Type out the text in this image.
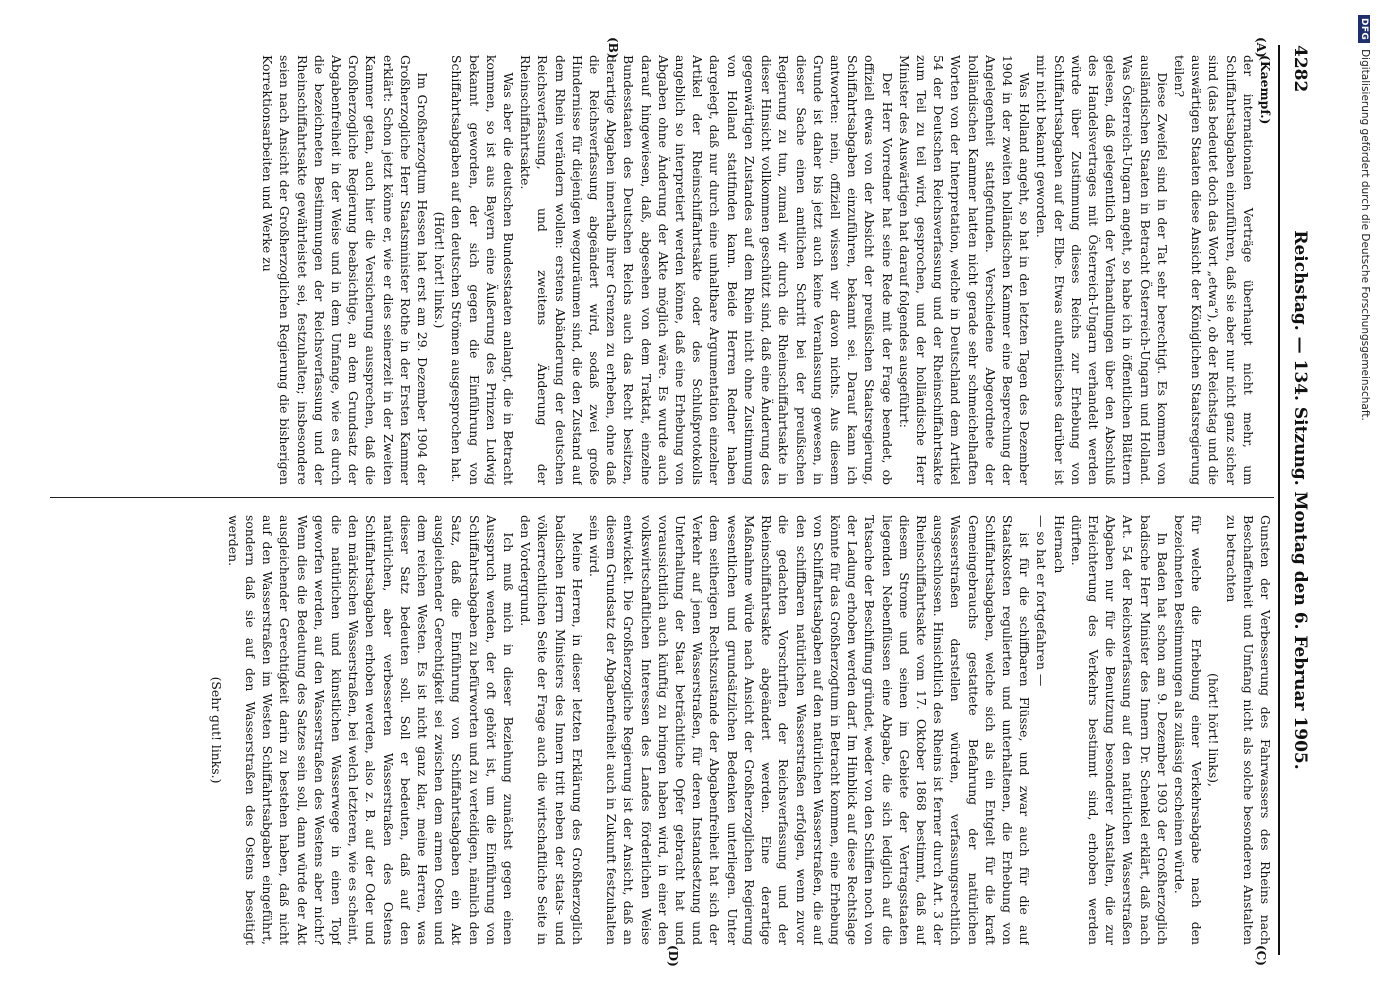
4282
Reichstag. — 134. Sitzung. Montag den 6. Februar 1905.
(A)
(B)
(C)
(D)

(Kaempf.)

der internationalen Verträge überhaupt nicht mehr, um Schiffahrtsabgaben einzuführen, daß sie aber nur nicht ganz sicher sind (das bedeutet doch das Wort „etwa“), ob der Reichstag und die auswärtigen Staaten diese Ansicht der Königlichen Staatsregierung teilen?

Diese Zweifel sind in der Tat sehr berechtigt. Es kommen von ausländischen Staaten in Betracht Österreich-Ungarn und Holland. Was Österreich-Ungarn angeht, so habe ich in öffentlichen Blättern gelesen, daß gelegentlich der Verhandlungen über den Abschluß des Handelsvertrages mit Österreich-Ungarn verhandelt werden würde über Zustimmung dieses Reichs zur Erhebung von Schiffahrtsabgaben auf der Elbe. Etwas authentisches darüber ist mir nicht bekannt geworden.

Was Holland angeht, so hat in den letzten Tagen des Dezember 1904 in der zweiten holländischen Kammer eine Besprechung der Angelegenheit stattgefunden. Verschiedene Abgeordnete der holländischen Kammer hatten nicht gerade sehr schmeichelhaften Worten von der Interpretation, welche in Deutschland dem Artikel 54 der Deutschen Reichsverfassung und der Rheinschiffahrtsakte zum Teil zu teil wird, gesprochen, und der holländische Herr Minister des Auswärtigen hat darauf folgendes ausgeführt:

Der Herr Vorredner hat seine Rede mit der Frage beendet, ob offiziell etwas von der Absicht der preußischen Staatsregierung, Schiffahrtsabgaben einzuführen, bekannt sei. Darauf kann ich antworten: nein, offiziell wissen wir davon nichts. Aus diesem Grunde ist daher bis jetzt auch keine Veranlassung gewesen, in dieser Sache einen amtlichen Schritt bei der preußischen Regierung zu tun, zumal wir durch die Rheinschiffahrtsakte in dieser Hinsicht vollkommen geschützt sind, daß eine Änderung des gegenwärtigen Zustandes auf dem Rhein nicht ohne Zustimmung von Holland stattfinden kann. Beide Herren Redner haben dargelegt, daß nur durch eine unhaltbare Argumentation einzelner Artikel der Rheinschiffahrtsakte oder des Schlußprotokolls angeblich so interpretiert werden könne, daß eine Erhebung von Abgaben ohne Änderung der Akte möglich wäre. Es wurde auch darauf hingewiesen, daß, abgesehen von dem Traktat, einzelne Bundesstaaten des Deutschen Reichs auch das Recht besitzen, derartige Abgaben innerhalb ihrer Grenzen zu erheben, ohne daß die Reichsverfassung abgeändert wird, sodaß zwei große Hindernisse für diejenigen wegzuräumen sind, die den Zustand auf dem Rhein verändern wollen: erstens Abänderung der deutschen Reichsverfassung, und zweitens Änderung der Rheinschiffahrtsakte.

Was aber die deutschen Bundesstaaten anlangt, die in Betracht kommen, so ist aus Bayern eine Äußerung des Prinzen Ludwig bekannt geworden, der sich gegen die Einführung von Schiffahrtsabgaben auf den deutschen Strömen ausgesprochen hat.

(Hört! hört! links.)

Im Großherzogtum Hessen hat erst am 29. Dezember 1904 der Großherzogliche Herr Staatsminister Rothe in der Ersten Kammer erklärt: Schon jetzt könne er, wie er dies seinerzeit in der Zweiten Kammer getan, auch hier die Versicherung aussprechen, daß die Großherzogliche Regierung beabsichtige, an dem Grundsatz der Abgabenfreiheit in der Weise und in dem Umfange, wie es durch die bezeichneten Bestimmungen der Reichsverfassung und der Rheinschiffahrtsakte gewährleistet sei, festzuhalten; insbesondere seien nach Ansicht der Großherzoglichen Regierung die bisherigen Korrektionsarbeiten und Werke zu

Gunsten der Verbesserung des Fahrwassers des Rheins nach Beschaffenheit und Umfang nicht als solche besonderen Anstalten zu betrachten

(hört! hört! links),

für welche die Erhebung einer Verkehrsabgabe nach den bezeichneten Bestimmungen als zulässig erscheinen würde.

In Baden hat schon am 9. Dezember 1903 der Großherzoglich badische Herr Minister des Innern Dr. Schenkel erklärt, daß nach Art. 54 der Reichsverfassung auf den natürlichen Wasserstraßen Abgaben nur für die Benutzung besonderer Anstalten, die zur Erleichterung des Verkehrs bestimmt sind, erhoben werden dürften.

Hiernach

— so hat er fortgefahren —

ist für die schiffbaren Flüsse, und zwar auch für die auf Staatskosten regulierten und unterhaltenen, die Erhebung von Schiffahrtsabgaben, welche sich als ein Entgelt für die kraft Gemeingebrauchs gestattete Befahrung der natürlichen Wasserstraßen darstellen würden, verfassungsrechtlich ausgeschlossen. Hinsichtlich des Rheins ist ferner durch Art. 3 der Rheinschiffahrtsakte vom 17. Oktober 1868 bestimmt, daß auf diesem Strome und seinen im Gebiete der Vertragsstaaten liegenden Nebenflüssen eine Abgabe, die sich lediglich auf die Tatsache der Beschiffung gründet, weder von den Schiffen noch von der Ladung erhoben werden darf. Im Hinblick auf diese Rechtslage könnte für das Großherzogtum in Betracht kommen, eine Erhebung von Schiffahrtsabgaben auf den natürlichen Wasserstraßen, die auf den schiffbaren natürlichen Wasserstraßen erfolgen, wenn zuvor die gedachten Vorschriften der Reichsverfassung und der Rheinschiffahrtsakte abgeändert werden. Eine derartige Maßnahme würde nach Ansicht der Großherzoglichen Regierung wesentlichen und grundsätzlichen Bedenken unterliegen. Unter dem seitherigen Rechtszustande der Abgabenfreiheit hat sich der Verkehr auf jenen Wasserstraßen, für deren Instandsetzung und Unterhaltung der Staat beträchtliche Opfer gebracht hat und voraussichtlich auch künftig zu bringen haben wird, in einer den volkswirtschaftlichen Interessen des Landes förderlichen Weise entwickelt. Die Großherzogliche Regierung ist der Ansicht, daß an diesem Grundsatz der Abgabenfreiheit auch in Zukunft festzuhalten sein wird.

Meine Herren, in dieser letzten Erklärung des Großherzoglich badischen Herrn Ministers des Innern tritt neben der staats- und völkerrechtlichen Seite der Frage auch die wirtschaftliche Seite in den Vordergrund.

Ich muß mich in dieser Beziehung zunächst gegen einen Ausspruch wenden, der oft gehört ist, um die Einführung von Schiffahrtsabgaben zu befürworten und zu verteidigen, nämlich den Satz, daß die Einführung von Schiffahrtsabgaben ein Akt ausgleichender Gerechtigkeit sei zwischen dem armen Osten und dem reichen Westen. Es ist nicht ganz klar, meine Herren, was dieser Satz bedeuten soll. Soll er bedeuten, daß auf den natürlichen, aber verbesserten Wasserstraßen des Ostens Schiffahrtsabgaben erhoben werden, also z. B. auf der Oder und den märkischen Wasserstraßen, bei welch letzteren, wie es scheint, die natürlichen und künstlichen Wasserwege in einen Topf geworfen werden, auf den Wasserstraßen des Westens aber nicht? Wenn dies die Bedeutung des Satzes sein soll, dann würde der Akt ausgleichender Gerechtigkeit darin zu bestehen haben, daß nicht auf den Wasserstraßen im Westen Schiffahrtsabgaben eingeführt, sondern daß sie auf den Wasserstraßen des Ostens beseitigt werden.

(Sehr gut! links.)

DFGDigitalisierung gefördert durch die Deutsche Forschungsgemeinschaft.
